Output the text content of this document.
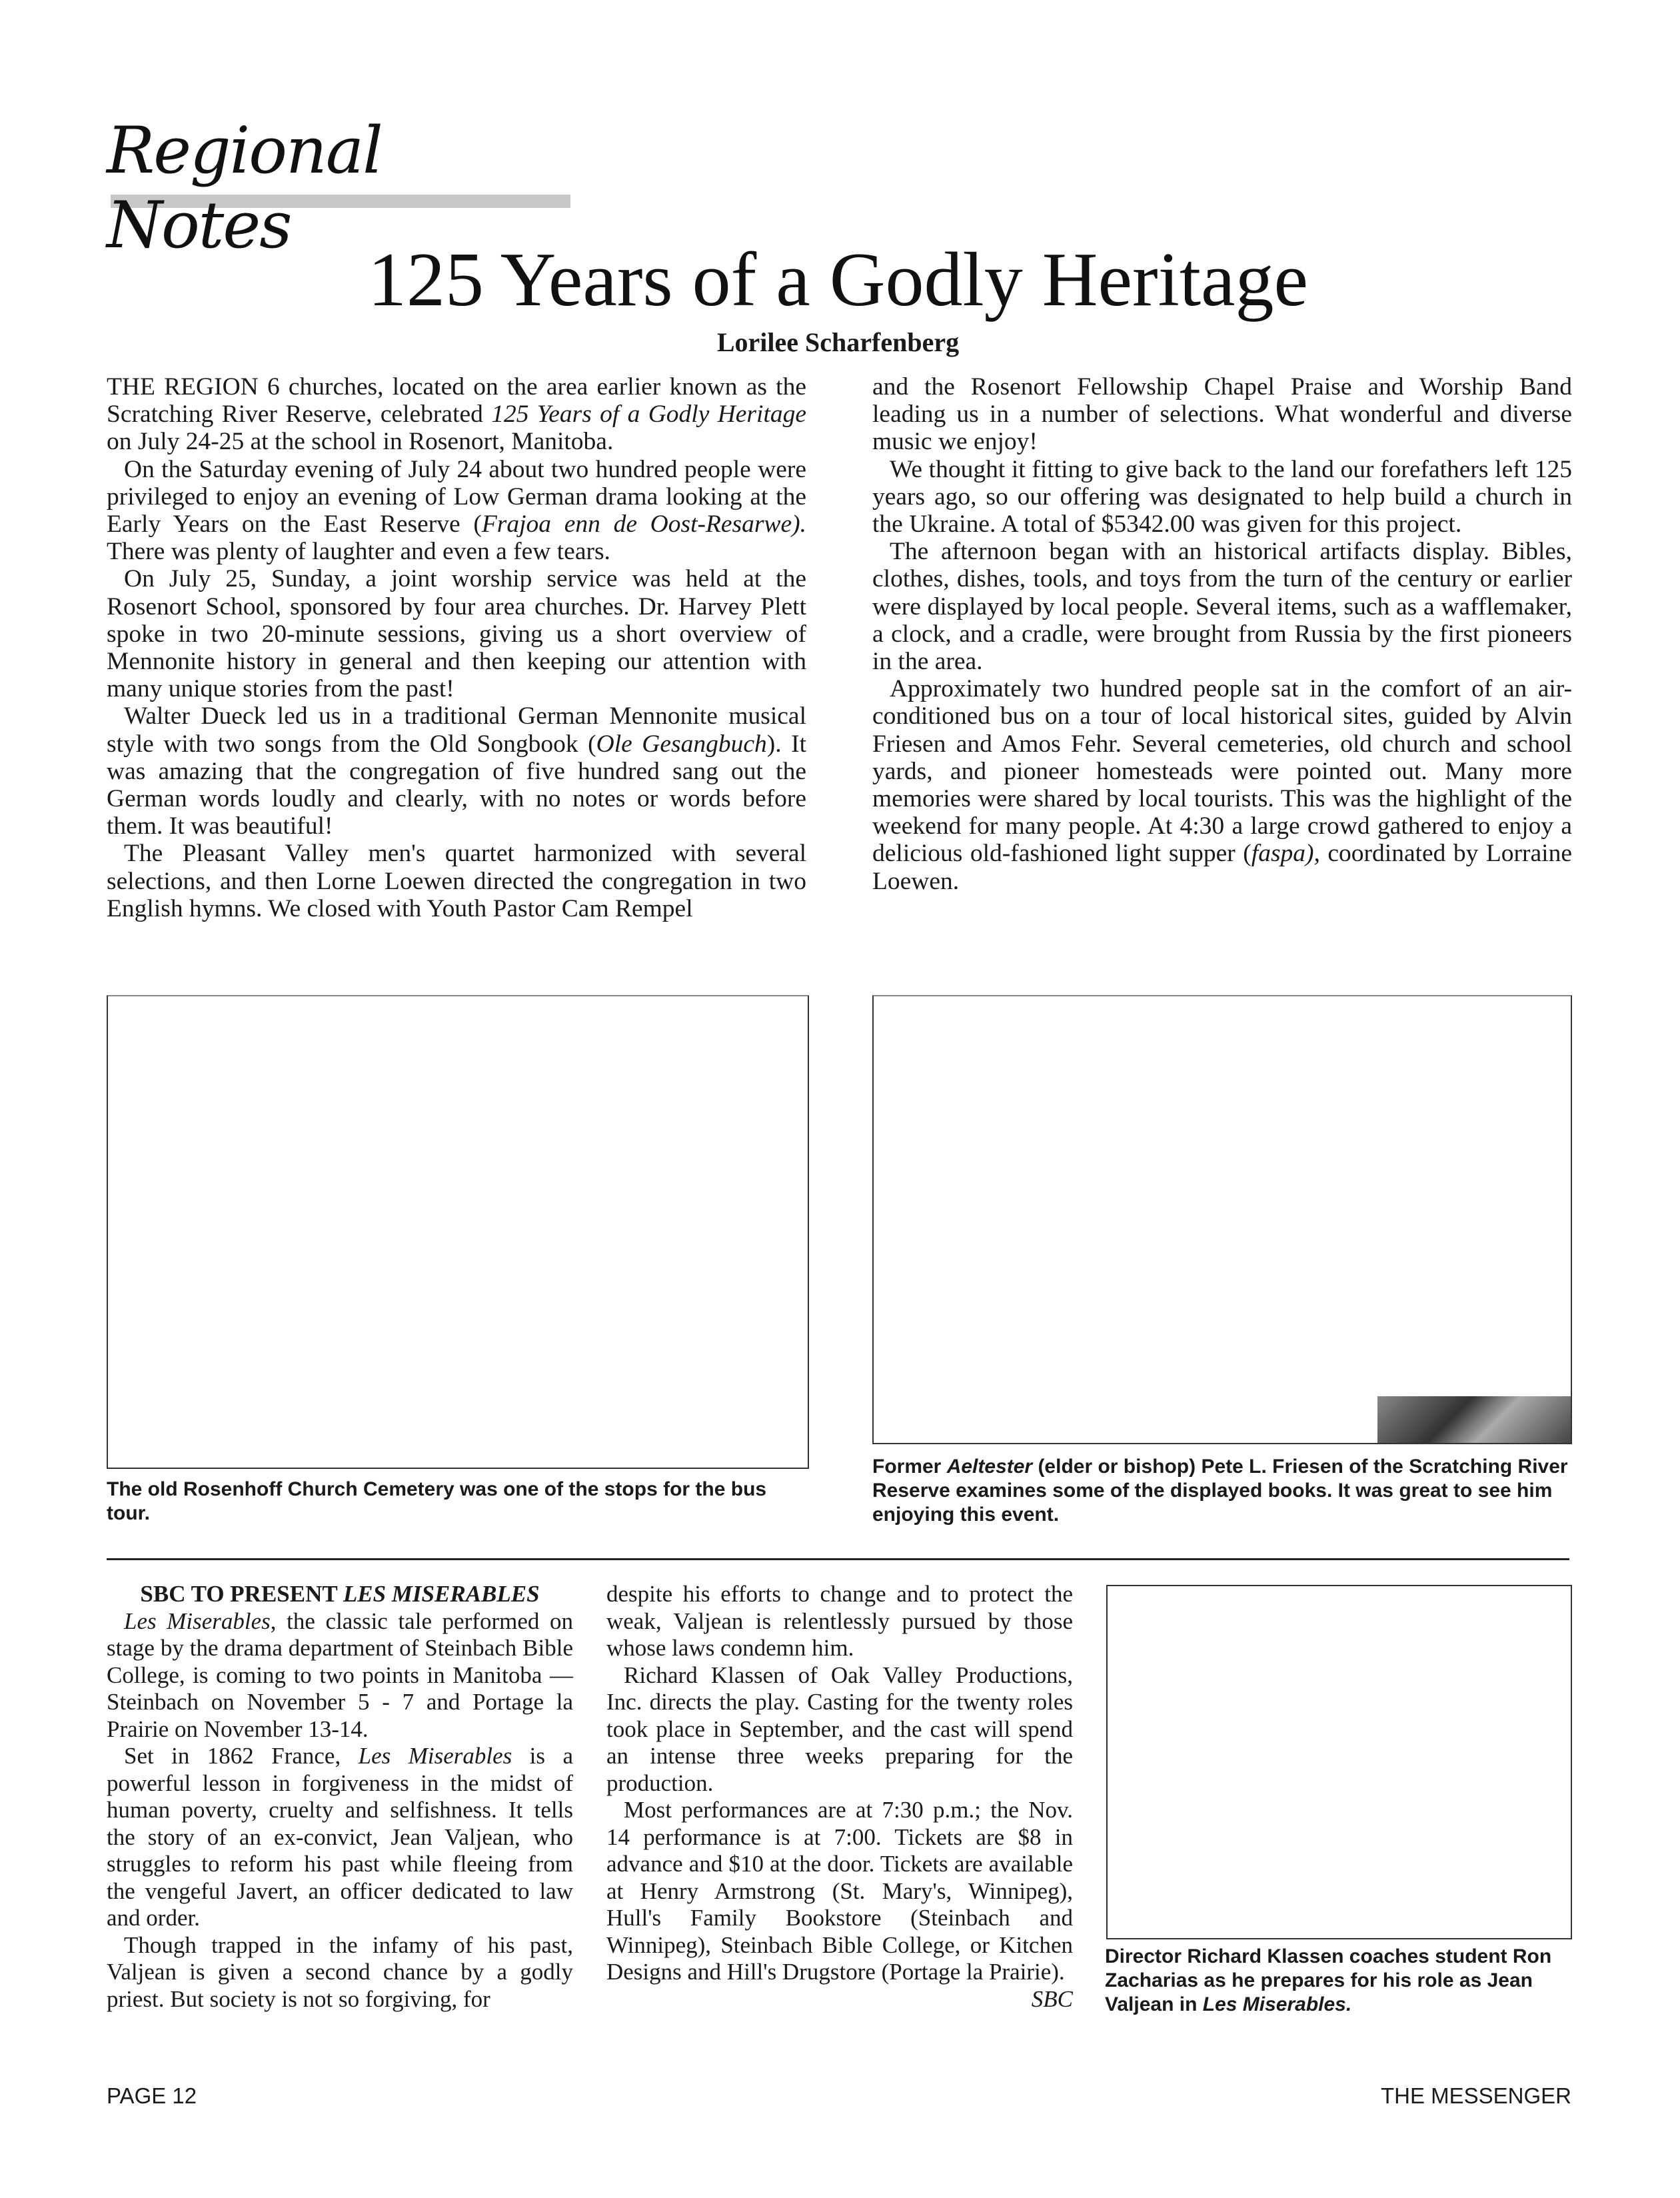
Regional Notes
125 Years of a Godly Heritage
Lorilee Scharfenberg

THE REGION 6 churches, located on the area earlier known as the Scratching River Reserve, celebrated 125 Years of a Godly Heritage on July 24-25 at the school in Rosenort, Manitoba.

On the Saturday evening of July 24 about two hundred people were privileged to enjoy an evening of Low German drama looking at the Early Years on the East Reserve (Frajoa enn de Oost-Resarwe). There was plenty of laughter and even a few tears.

On July 25, Sunday, a joint worship service was held at the Rosenort School, sponsored by four area churches. Dr. Harvey Plett spoke in two 20-minute sessions, giving us a short overview of Mennonite history in general and then keeping our attention with many unique stories from the past!

Walter Dueck led us in a traditional German Mennonite musical style with two songs from the Old Songbook (Ole Gesangbuch). It was amazing that the congregation of five hundred sang out the German words loudly and clearly, with no notes or words before them. It was beautiful!

The Pleasant Valley men's quartet harmonized with several selections, and then Lorne Loewen directed the congregation in two English hymns. We closed with Youth Pastor Cam Rempel

and the Rosenort Fellowship Chapel Praise and Worship Band leading us in a number of selections. What wonderful and diverse music we enjoy!

We thought it fitting to give back to the land our forefathers left 125 years ago, so our offering was designated to help build a church in the Ukraine. A total of $5342.00 was given for this project.

The afternoon began with an historical artifacts display. Bibles, clothes, dishes, tools, and toys from the turn of the century or earlier were displayed by local people. Several items, such as a wafflemaker, a clock, and a cradle, were brought from Russia by the first pioneers in the area.

Approximately two hundred people sat in the comfort of an air-conditioned bus on a tour of local historical sites, guided by Alvin Friesen and Amos Fehr. Several cemeteries, old church and school yards, and pioneer homesteads were pointed out. Many more memories were shared by local tourists. This was the highlight of the weekend for many people. At 4:30 a large crowd gathered to enjoy a delicious old-fashioned light supper (faspa), coordinated by Lorraine Loewen.

The old Rosenhoff Church Cemetery was one of the stops for the bus tour.
Former Aeltester (elder or bishop) Pete L. Friesen of the Scratching River Reserve examines some of the displayed books. It was great to see him enjoying this event.

SBC TO PRESENT LES MISERABLES

Les Miserables, the classic tale performed on stage by the drama department of Steinbach Bible College, is coming to two points in Manitoba — Steinbach on November 5 - 7 and Portage la Prairie on November 13-14.

Set in 1862 France, Les Miserables is a powerful lesson in forgiveness in the midst of human poverty, cruelty and selfishness. It tells the story of an ex-convict, Jean Valjean, who struggles to reform his past while fleeing from the vengeful Javert, an officer dedicated to law and order.

Though trapped in the infamy of his past, Valjean is given a second chance by a godly priest. But society is not so forgiving, for

despite his efforts to change and to protect the weak, Valjean is relentlessly pursued by those whose laws condemn him.

Richard Klassen of Oak Valley Productions, Inc. directs the play. Casting for the twenty roles took place in September, and the cast will spend an intense three weeks preparing for the production.

Most performances are at 7:30 p.m.; the Nov. 14 performance is at 7:00. Tickets are $8 in advance and $10 at the door. Tickets are available at Henry Armstrong (St. Mary's, Winnipeg), Hull's Family Bookstore (Steinbach and Winnipeg), Steinbach Bible College, or Kitchen Designs and Hill's Drugstore (Portage la Prairie).

SBC

Director Richard Klassen coaches student Ron Zacharias as he prepares for his role as Jean Valjean in Les Miserables.
PAGE 12	THE MESSENGER
